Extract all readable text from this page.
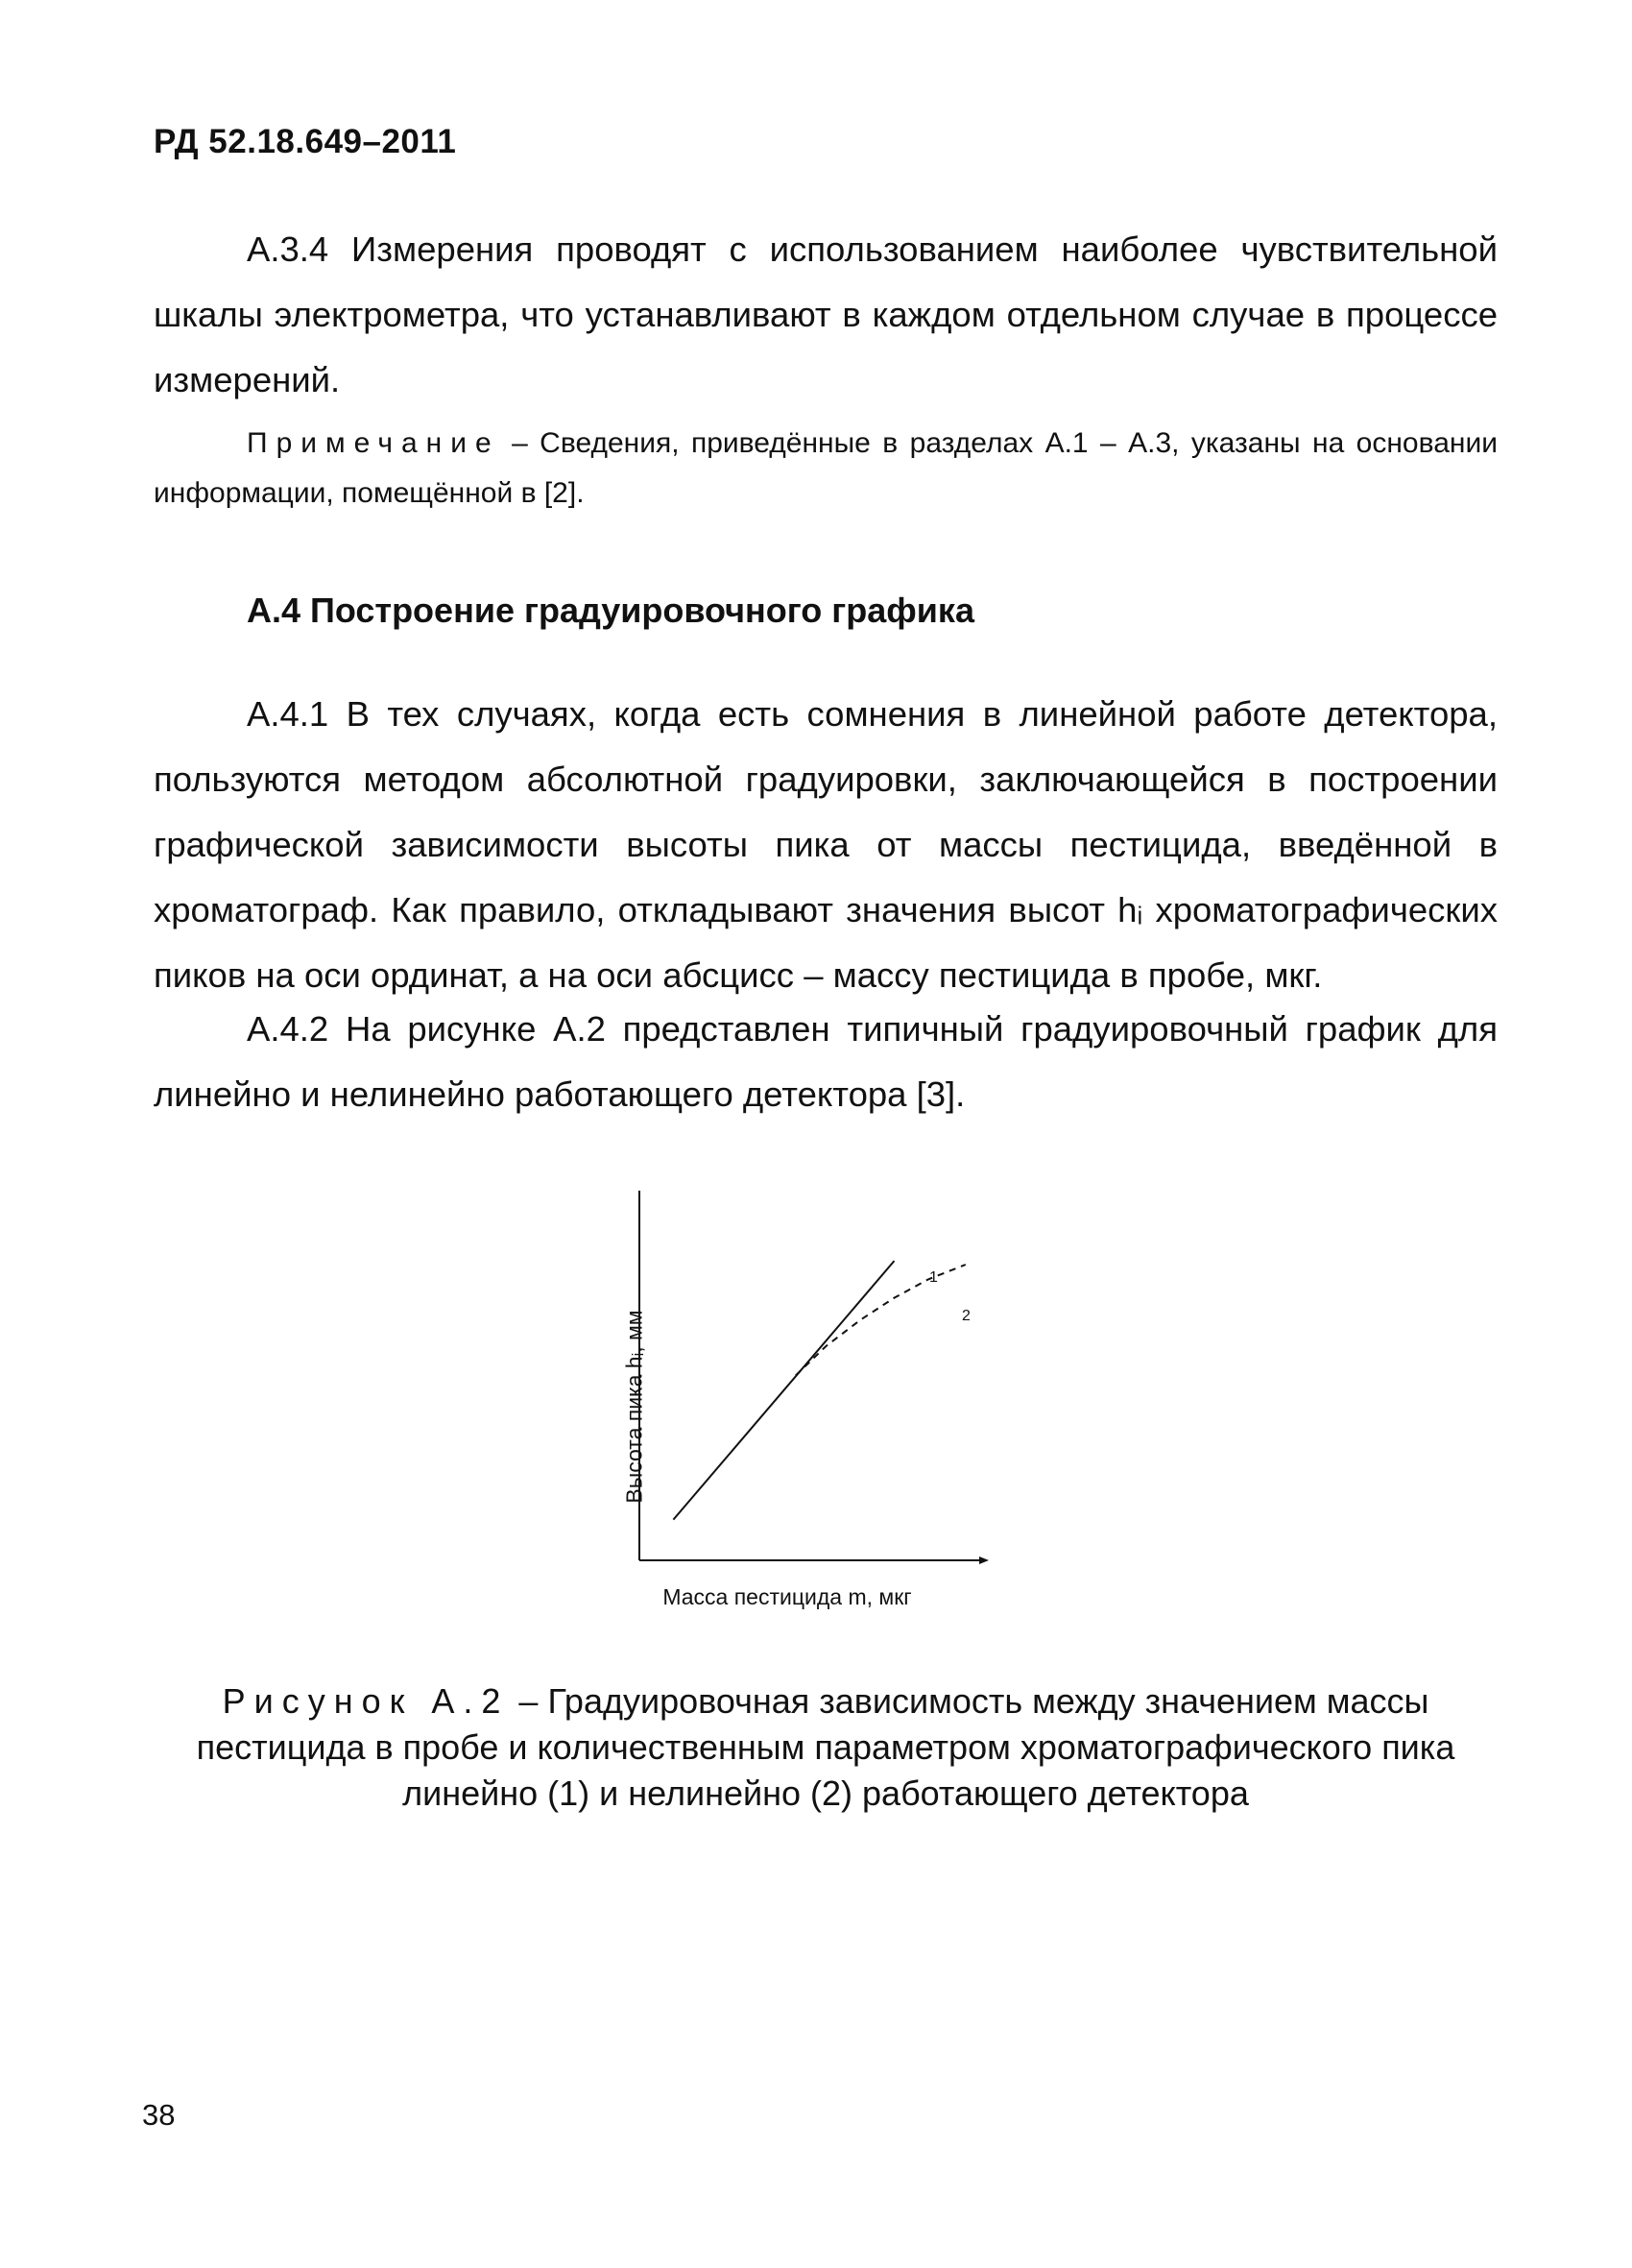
РД 52.18.649–2011

А.3.4 Измерения проводят с использованием наиболее чувствительной шкалы электрометра, что устанавливают в каждом отдельном случае в процессе измерений.

Примечание – Сведения, приведённые в разделах А.1 – А.3, указаны на основании информации, помещённой в [2].

А.4 Построение градуировочного графика

А.4.1 В тех случаях, когда есть сомнения в линейной работе детектора, пользуются методом абсолютной градуировки, заключающейся в построении графической зависимости высоты пика от массы пестицида, введённой в хроматограф. Как правило, откладывают значения высот hᵢ хроматографических пиков на оси ординат, а на оси абсцисс – массу пестицида в пробе, мкг.

А.4.2 На рисунке А.2 представлен типичный градуировочный график для линейно и нелинейно работающего детектора [3].

Высота пика hᵢ, мм
Масса пестицида m, мкг
1
2

Рисунок А.2 – Градуировочная зависимость между значением массы пестицида в пробе и количественным параметром хроматографического пика линейно (1) и нелинейно (2) работающего детектора

38
